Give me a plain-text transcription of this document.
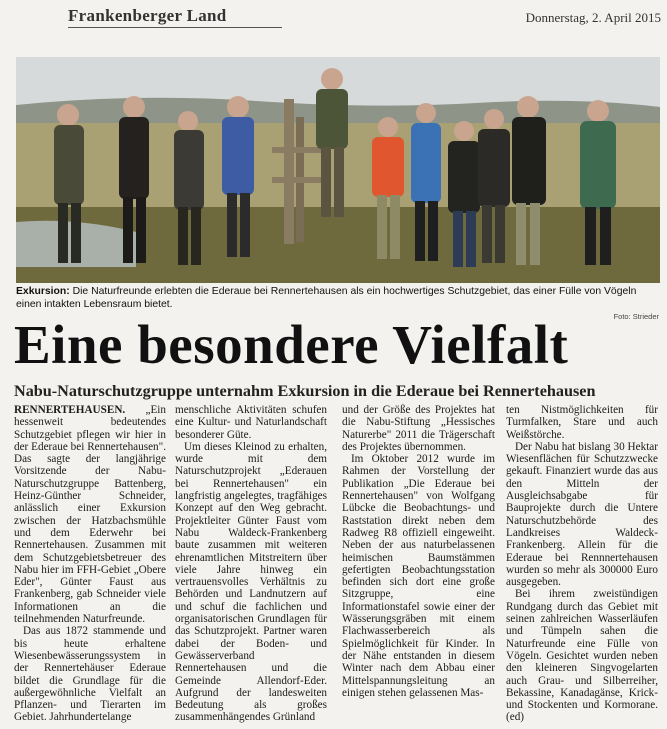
Frankenberger Land	Donnerstag, 2. April 2015
Exkursion: Die Naturfreunde erlebten die Ederaue bei Rennertehausen als ein hochwertiges Schutzgebiet, das einer Fülle von Vögeln einen intakten Lebensraum bietet.
Foto: Strieder
Eine besondere Vielfalt
Nabu-Naturschutzgruppe unternahm Exkursion in die Ederaue bei Rennertehausen

RENNERTEHAUSEN. „Ein hessenweit bedeutendes Schutzgebiet pflegen wir hier in der Ederaue bei Rennertehausen". Das sagte der langjährige Vorsitzende der Nabu-Naturschutzgruppe Battenberg, Heinz-Günther Schneider, anlässlich einer Exkursion zwischen der Hatzbachsmühle und dem Ederwehr bei Rennertehausen. Zusammen mit dem Schutzgebietsbetreuer des Nabu hier im FFH-Gebiet „Obere Eder", Günter Faust aus Frankenberg, gab Schneider viele Informationen an die teilnehmenden Naturfreunde.

Das aus 1872 stammende und bis heute erhaltene Wiesenbewässerungssystem in der Rennertehäuser Ederaue bildet die Grundlage für die außergewöhnliche Vielfalt an Pflanzen- und Tierarten im Gebiet. Jahrhundertelange

menschliche Aktivitäten schufen eine Kultur- und Naturlandschaft besonderer Güte.

Um dieses Kleinod zu erhalten, wurde mit dem Naturschutzprojekt „Ederauen bei Rennertehausen" ein langfristig angelegtes, tragfähiges Konzept auf den Weg gebracht. Projektleiter Günter Faust vom Nabu Waldeck-Frankenberg baute zusammen mit weiteren ehrenamtlichen Mitstreitern über viele Jahre hinweg ein vertrauensvolles Verhältnis zu Behörden und Landnutzern auf und schuf die fachlichen und organisatorischen Grundlagen für das Schutzprojekt. Partner waren dabei der Boden- und Gewässerverband Rennertehausen und die Gemeinde Allendorf-Eder. Aufgrund der landesweiten Bedeutung als großes zusammenhängendes Grünland

und der Größe des Projektes hat die Nabu-Stiftung „Hessisches Naturerbe" 2011 die Trägerschaft des Projektes übernommen.

Im Oktober 2012 wurde im Rahmen der Vorstellung der Publikation „Die Ederaue bei Rennertehausen" von Wolfgang Lübcke die Beobachtungs- und Raststation direkt neben dem Radweg R8 offiziell eingeweiht. Neben der aus naturbelassenen heimischen Baumstämmen gefertigten Beobachtungsstation befinden sich dort eine große Sitzgruppe, eine Informationstafel sowie einer der Wässerungsgräben mit einem Flachwasserbereich als Spielmöglichkeit für Kinder. In der Nähe entstanden in diesem Winter nach dem Abbau einer Mittelspannungsleitung an einigen stehen gelassenen Mas-

ten Nistmöglichkeiten für Turmfalken, Stare und auch Weißstörche.

Der Nabu hat bislang 30 Hektar Wiesenflächen für Schutzzwecke gekauft. Finanziert wurde das aus den Mitteln der Ausgleichsabgabe für Bauprojekte durch die Untere Naturschutzbehörde des Landkreises Waldeck-Frankenberg. Allein für die Ederaue bei Rennnertehausen wurden so mehr als 300000 Euro ausgegeben.

Bei ihrem zweistündigen Rundgang durch das Gebiet mit seinen zahlreichen Wasserläufen und Tümpeln sahen die Naturfreunde eine Fülle von Vögeln. Gesichtet wurden neben den kleineren Singvogelarten auch Grau- und Silberreiher, Bekassine, Kanadagänse, Krick- und Stockenten und Kormorane. (ed)
